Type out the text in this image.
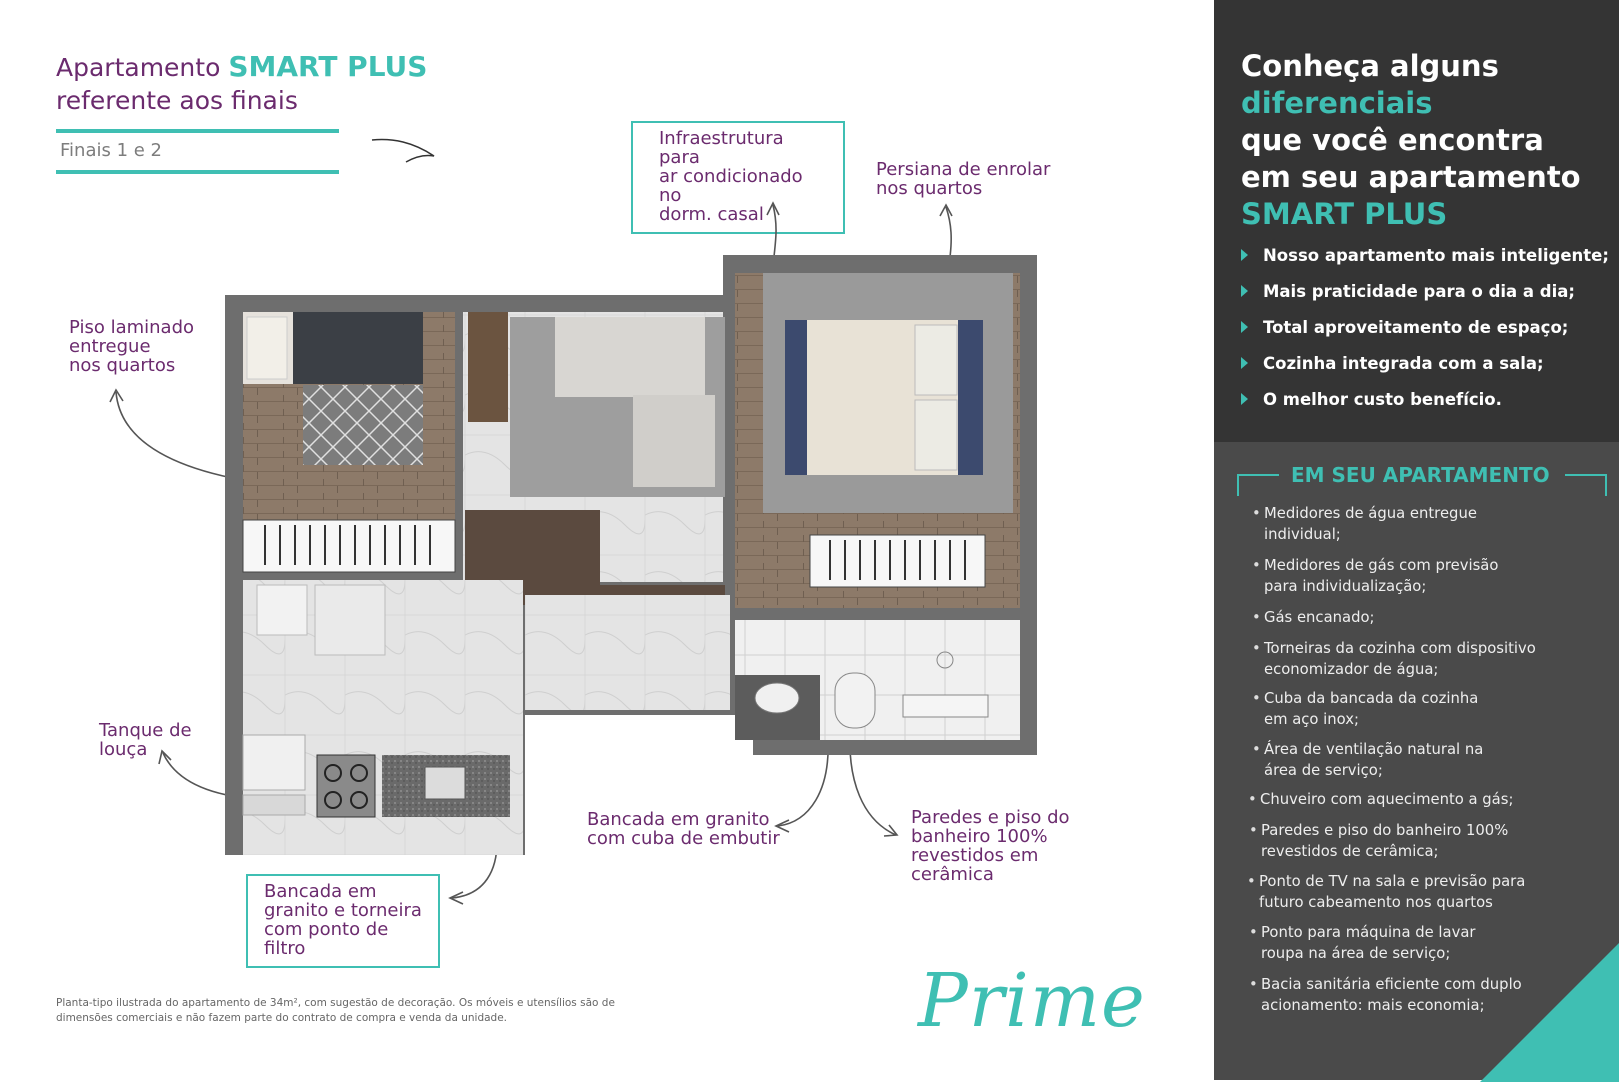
Apartamento SMART PLUS
referente aos finais
Finais 1 e 2
Piso laminado
entregue
nos quartos
Infraestrutura para
ar condicionado no
dorm. casal
Persiana de enrolar
nos quartos
Tanque de
louça
Bancada em granito
com cuba de embutir
Paredes e piso do
banheiro 100%
revestidos em
cerâmica
Bancada em
granito e torneira
com ponto de filtro
Planta-tipo ilustrada do apartamento de 34m², com sugestão de decoração. Os móveis e utensílios são de dimensões comerciais e não fazem parte do contrato de compra e venda da unidade.	Prime
Conheça alguns
diferenciais
que você encontra
em seu apartamento
SMART PLUS
Nosso apartamento mais inteligente;
Mais praticidade para o dia a dia;
Total aproveitamento de espaço;
Cozinha integrada com a sala;
O melhor custo benefício.
EM SEU APARTAMENTO
• Medidores de água entregue
individual;
• Medidores de gás com previsão
para individualização;
• Gás encanado;
• Torneiras da cozinha com dispositivo
economizador de água;
• Cuba da bancada da cozinha
em aço inox;
• Área de ventilação natural na
área de serviço;
• Chuveiro com aquecimento a gás;
• Paredes e piso do banheiro 100%
revestidos de cerâmica;
• Ponto de TV na sala e previsão para
futuro cabeamento nos quartos
• Ponto para máquina de lavar
roupa na área de serviço;
• Bacia sanitária eficiente com duplo
acionamento: mais economia;
